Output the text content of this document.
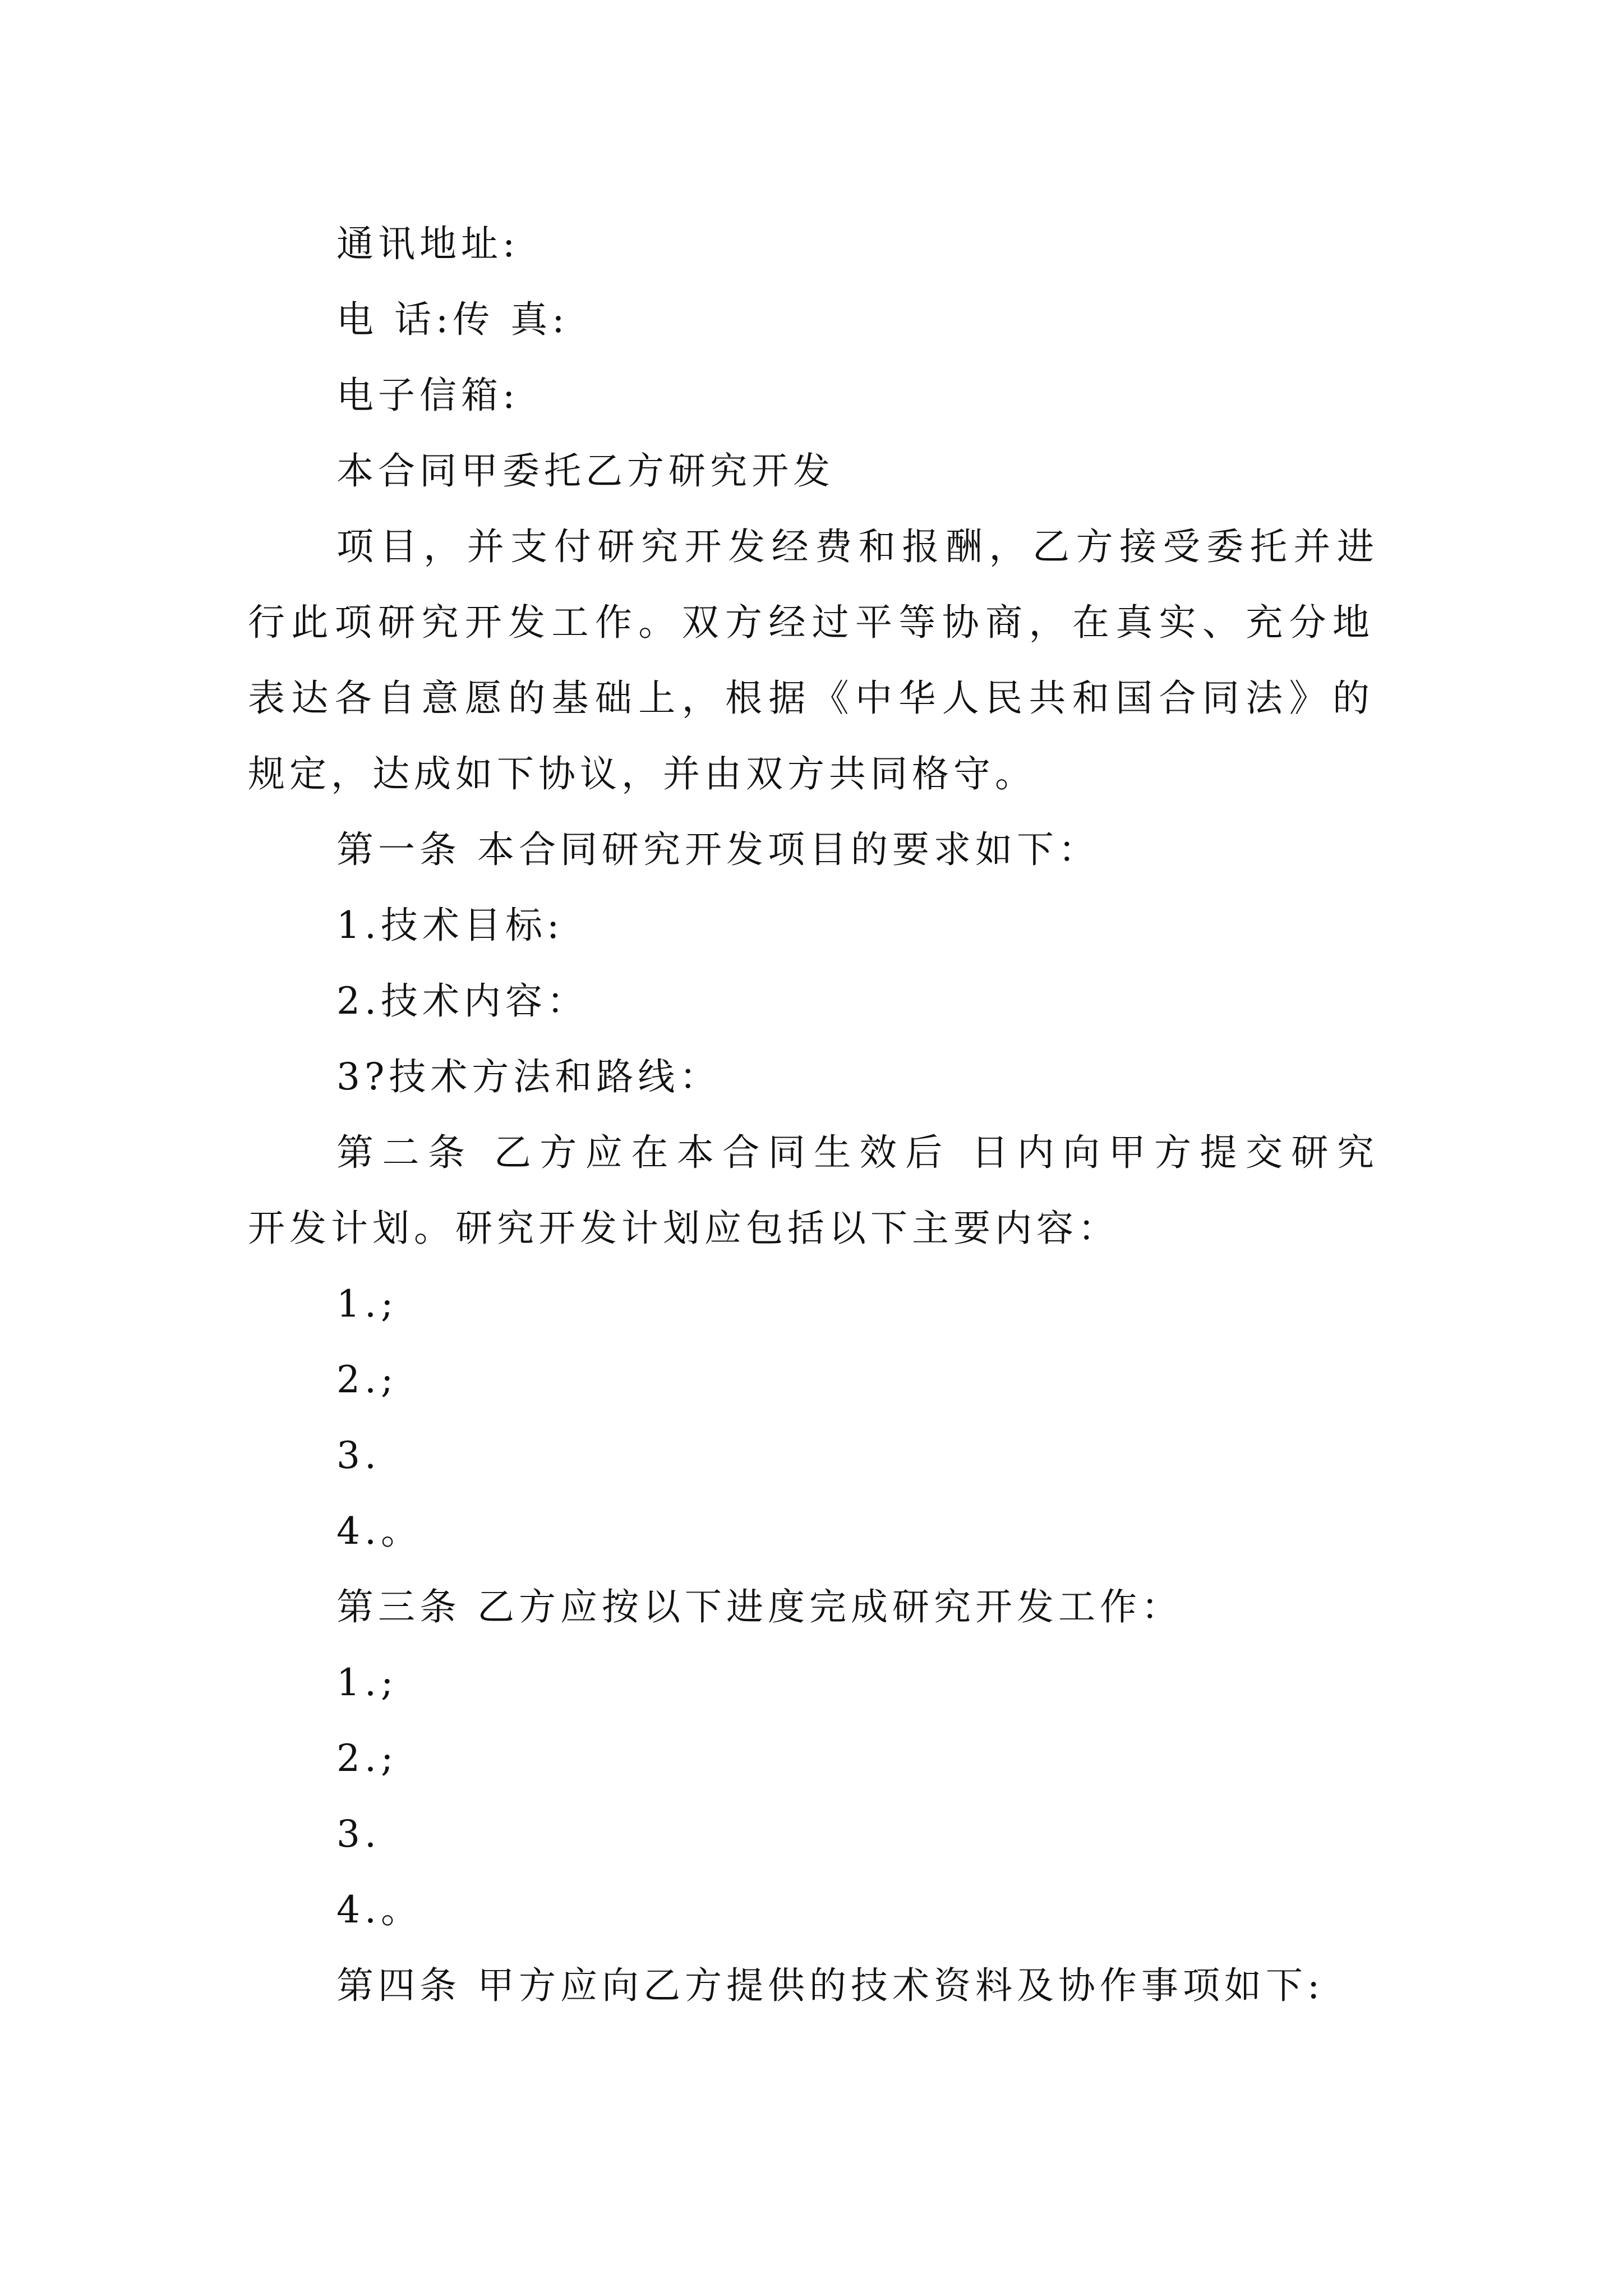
通讯地址:
电 话:传 真:
电子信箱:
本合同甲委托乙方研究开发
项目，并支付研究开发经费和报酬，乙方接受委托并进
行此项研究开发工作。双方经过平等协商，在真实、充分地
表达各自意愿的基础上，根据《中华人民共和国合同法》的
规定，达成如下协议，并由双方共同格守。
第一条 本合同研究开发项目的要求如下：
1.技术目标:
2.技术内容：
3?技术方法和路线：
第二条 乙方应在本合同生效后 日内向甲方提交研究
开发计划。研究开发计划应包括以下主要内容：
1.;
2.;
3.
4.。
第三条 乙方应按以下进度完成研究开发工作：
1.;
2.;
3.
4.。
第四条 甲方应向乙方提供的技术资料及协作事项如下:
